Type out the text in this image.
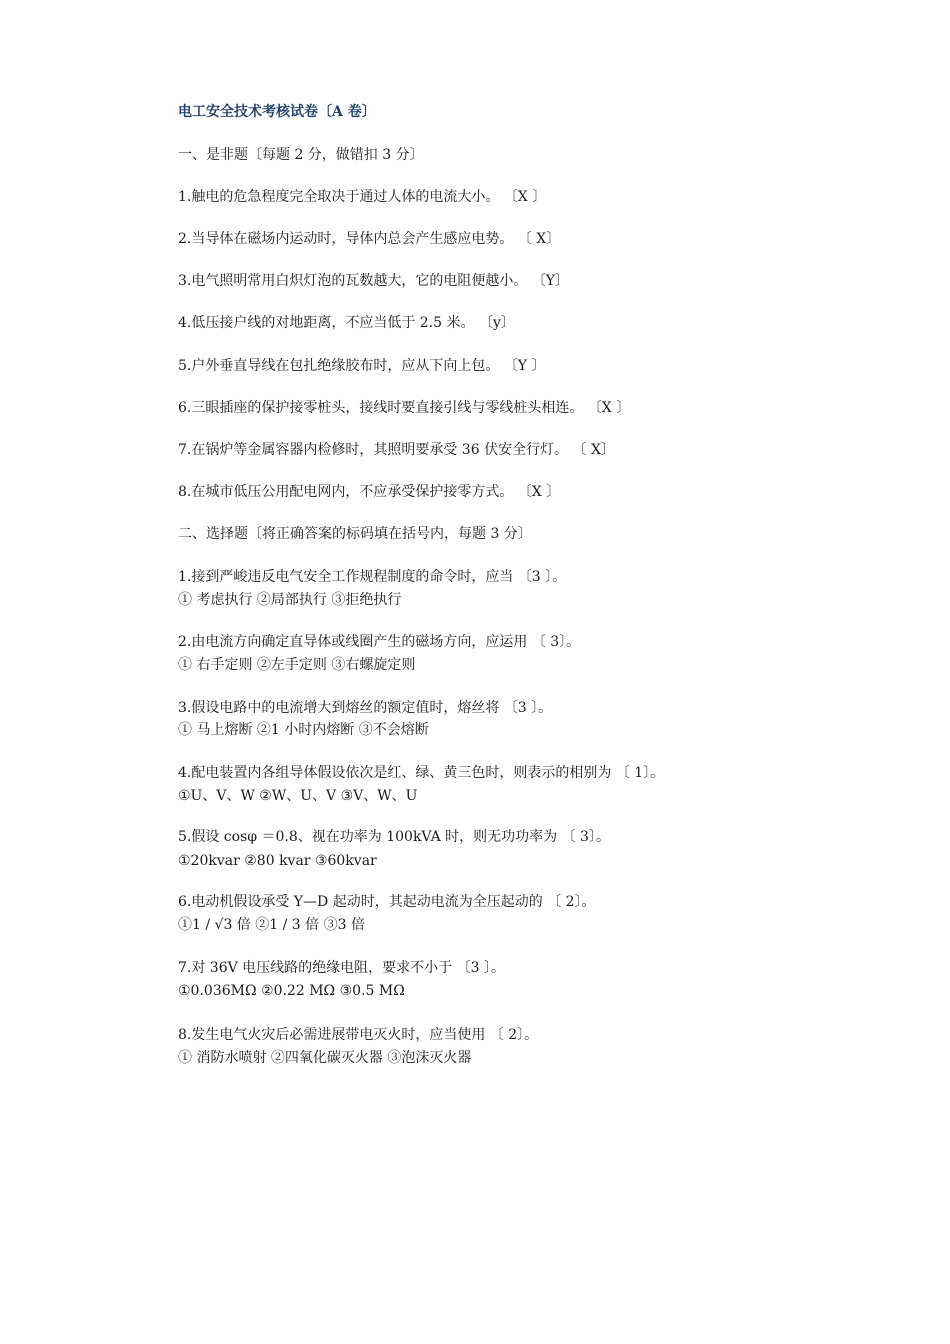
电工安全技术考核试卷〔A 卷〕
一、是非题〔每题 2 分，做错扣 3 分〕
1.触电的危急程度完全取决于通过人体的电流大小。 〔X 〕
2.当导体在磁场内运动时，导体内总会产生感应电势。 〔 X〕
3.电气照明常用白炽灯泡的瓦数越大，它的电阻便越小。 〔Y〕
4.低压接户线的对地距离，不应当低于 2.5 米。 〔y〕
5.户外垂直导线在包扎绝缘胶布时，应从下向上包。 〔Y 〕
6.三眼插座的保护接零桩头，接线时要直接引线与零线桩头相连。 〔X 〕
7.在锅炉等金属容器内检修时，其照明要承受 36 伏安全行灯。 〔 X〕
8.在城市低压公用配电网内，不应承受保护接零方式。 〔X 〕
二、选择题〔将正确答案的标码填在括号内，每题 3 分〕
1.接到严峻违反电气安全工作规程制度的命令时，应当 〔3 〕。
① 考虑执行 ②局部执行 ③拒绝执行
2.由电流方向确定直导体或线圈产生的磁场方向，应运用 〔 3〕。
① 右手定则 ②左手定则 ③右螺旋定则
3.假设电路中的电流增大到熔丝的额定值时，熔丝将 〔3 〕。
① 马上熔断 ②1 小时内熔断 ③不会熔断
4.配电装置内各组导体假设依次是红、绿、黄三色时，则表示的相别为 〔 1〕。
①U、V、W ②W、U、V ③V、W、U
5.假设 cosφ ＝0.8、视在功率为 100kVA 时，则无功功率为 〔 3〕。
①20kvar ②80 kvar ③60kvar
6.电动机假设承受 Y—D 起动时，其起动电流为全压起动的 〔 2〕。
①1 / √3 倍 ②1 / 3 倍 ③3 倍
7.对 36V 电压线路的绝缘电阻，要求不小于 〔3 〕。
①0.036MΩ ②0.22 MΩ ③0.5 MΩ
8.发生电气火灾后必需进展带电灭火时，应当使用 〔 2〕。
① 消防水喷射 ②四氧化碳灭火器 ③泡沫灭火器
